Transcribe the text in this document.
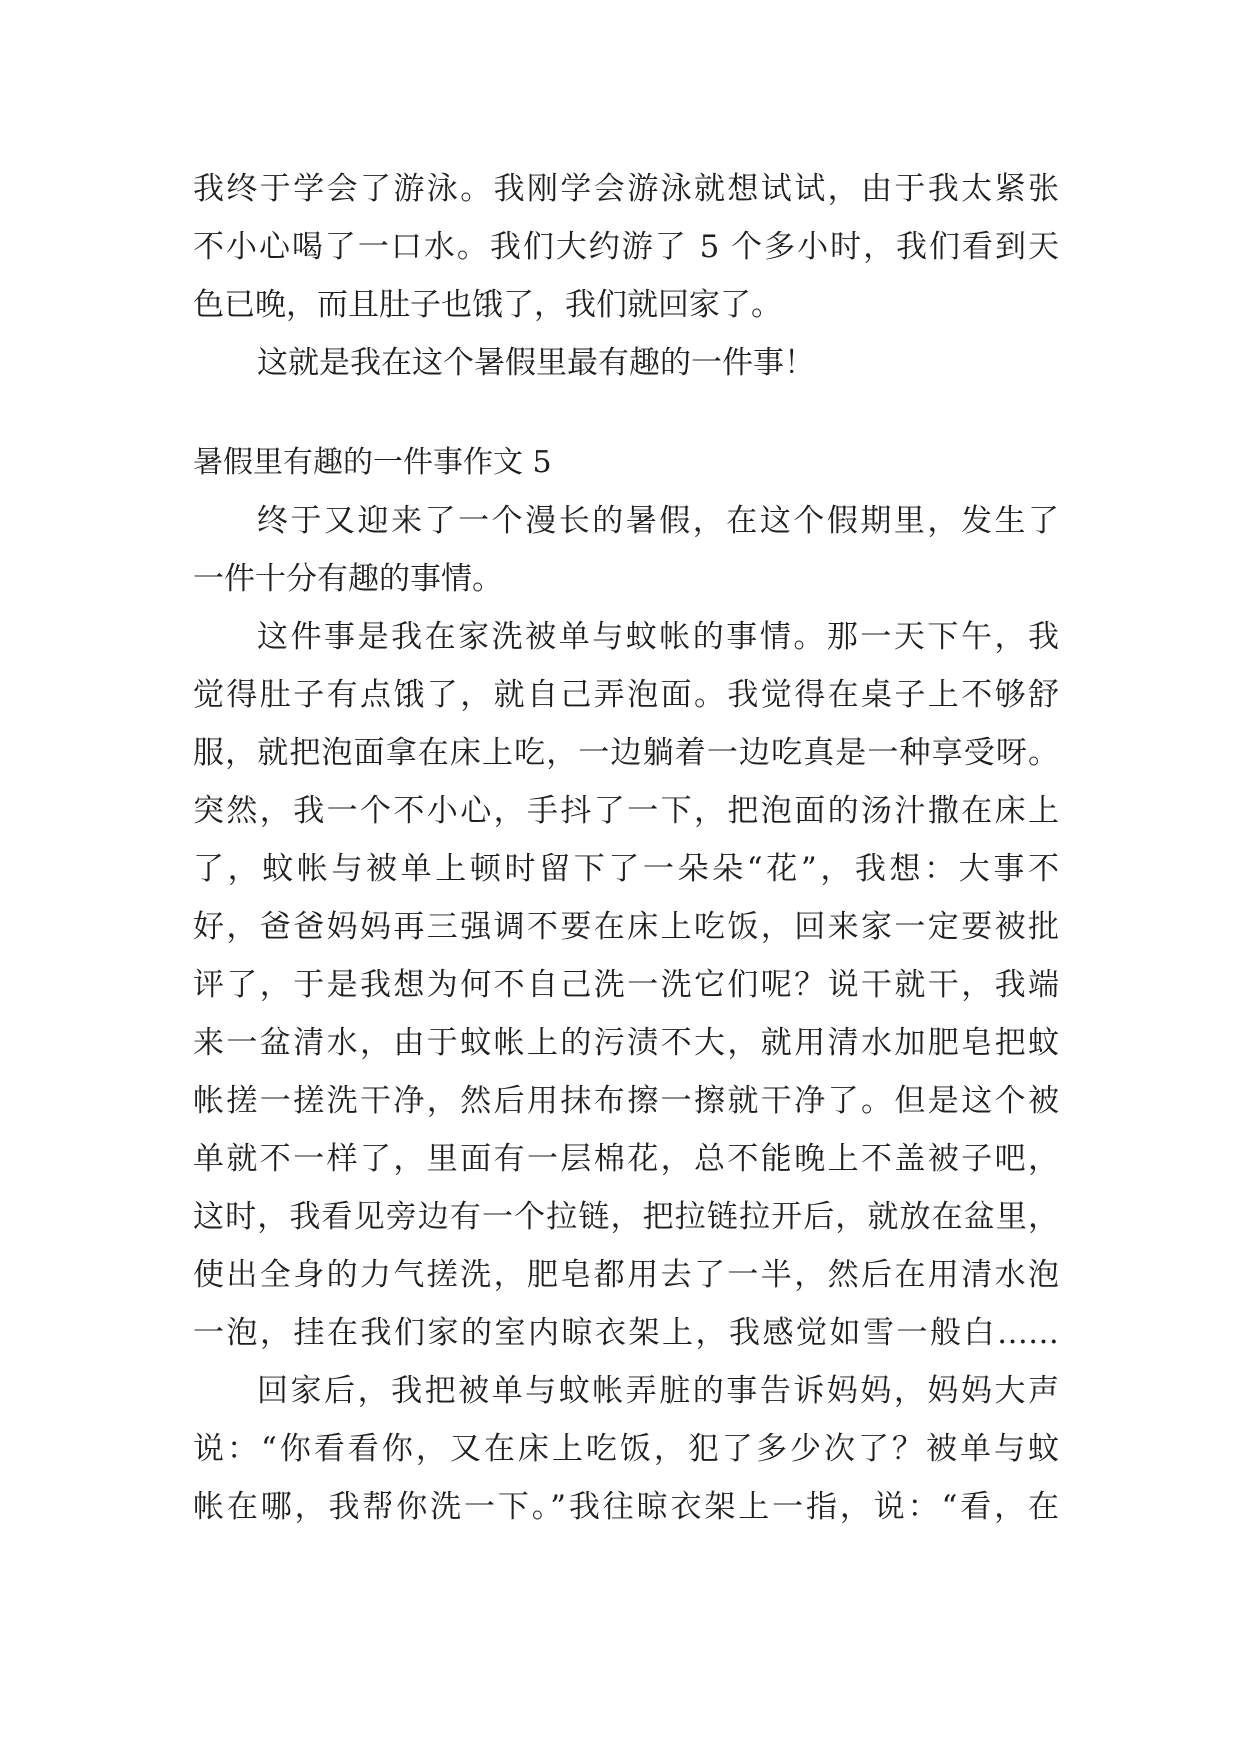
我终于学会了游泳。我刚学会游泳就想试试，由于我太紧张
不小心喝了一口水。我们大约游了 5 个多小时，我们看到天
色已晚，而且肚子也饿了，我们就回家了。
这就是我在这个暑假里最有趣的一件事！
暑假里有趣的一件事作文 5
终于又迎来了一个漫长的暑假，在这个假期里，发生了
一件十分有趣的事情。
这件事是我在家洗被单与蚊帐的事情。那一天下午，我
觉得肚子有点饿了，就自己弄泡面。我觉得在桌子上不够舒
服，就把泡面拿在床上吃，一边躺着一边吃真是一种享受呀。
突然，我一个不小心，手抖了一下，把泡面的汤汁撒在床上
了，蚊帐与被单上顿时留下了一朵朵“花”，我想：大事不
好，爸爸妈妈再三强调不要在床上吃饭，回来家一定要被批
评了，于是我想为何不自己洗一洗它们呢？说干就干，我端
来一盆清水，由于蚊帐上的污渍不大，就用清水加肥皂把蚊
帐搓一搓洗干净，然后用抹布擦一擦就干净了。但是这个被
单就不一样了，里面有一层棉花，总不能晚上不盖被子吧，
这时，我看见旁边有一个拉链，把拉链拉开后，就放在盆里，
使出全身的力气搓洗，肥皂都用去了一半，然后在用清水泡
一泡，挂在我们家的室内晾衣架上，我感觉如雪一般白……
回家后，我把被单与蚊帐弄脏的事告诉妈妈，妈妈大声
说：“你看看你，又在床上吃饭，犯了多少次了？被单与蚊
帐在哪，我帮你洗一下。”我往晾衣架上一指，说：“看，在
